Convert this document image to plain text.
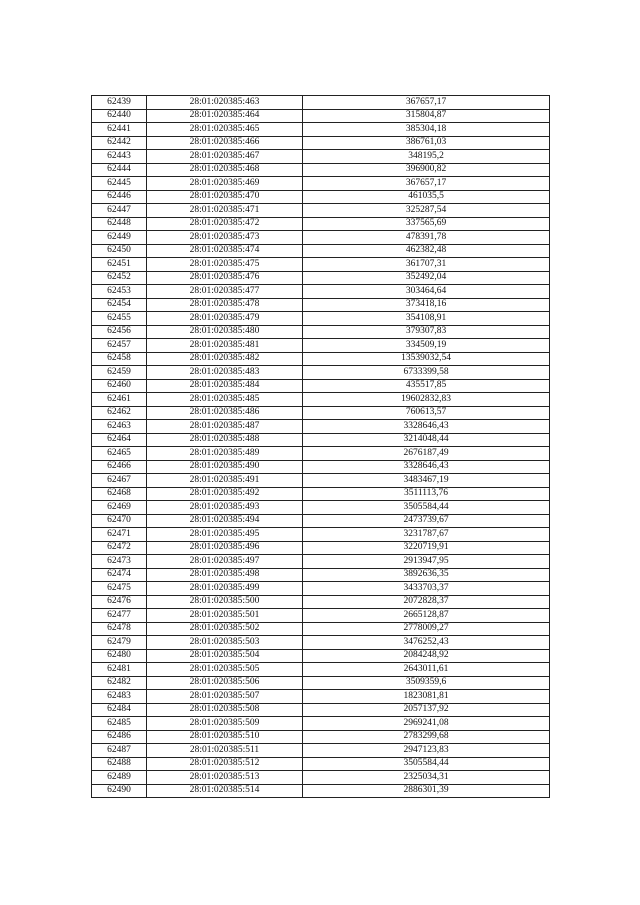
62439	28:01:020385:463	367657,17
62440	28:01:020385:464	315804,87
62441	28:01:020385:465	385304,18
62442	28:01:020385:466	386761,03
62443	28:01:020385:467	348195,2
62444	28:01:020385:468	396900,82
62445	28:01:020385:469	367657,17
62446	28:01:020385:470	461035,5
62447	28:01:020385:471	325287,54
62448	28:01:020385:472	337565,69
62449	28:01:020385:473	478391,78
62450	28:01:020385:474	462382,48
62451	28:01:020385:475	361707,31
62452	28:01:020385:476	352492,04
62453	28:01:020385:477	303464,64
62454	28:01:020385:478	373418,16
62455	28:01:020385:479	354108,91
62456	28:01:020385:480	379307,83
62457	28:01:020385:481	334509,19
62458	28:01:020385:482	13539032,54
62459	28:01:020385:483	6733399,58
62460	28:01:020385:484	435517,85
62461	28:01:020385:485	19602832,83
62462	28:01:020385:486	760613,57
62463	28:01:020385:487	3328646,43
62464	28:01:020385:488	3214048,44
62465	28:01:020385:489	2676187,49
62466	28:01:020385:490	3328646,43
62467	28:01:020385:491	3483467,19
62468	28:01:020385:492	3511113,76
62469	28:01:020385:493	3505584,44
62470	28:01:020385:494	2473739,67
62471	28:01:020385:495	3231787,67
62472	28:01:020385:496	3220719,91
62473	28:01:020385:497	2913947,95
62474	28:01:020385:498	3892636,35
62475	28:01:020385:499	3433703,37
62476	28:01:020385:500	2072828,37
62477	28:01:020385:501	2665128,87
62478	28:01:020385:502	2778009,27
62479	28:01:020385:503	3476252,43
62480	28:01:020385:504	2084248,92
62481	28:01:020385:505	2643011,61
62482	28:01:020385:506	3509359,6
62483	28:01:020385:507	1823081,81
62484	28:01:020385:508	2057137,92
62485	28:01:020385:509	2969241,08
62486	28:01:020385:510	2783299,68
62487	28:01:020385:511	2947123,83
62488	28:01:020385:512	3505584,44
62489	28:01:020385:513	2325034,31
62490	28:01:020385:514	2886301,39
